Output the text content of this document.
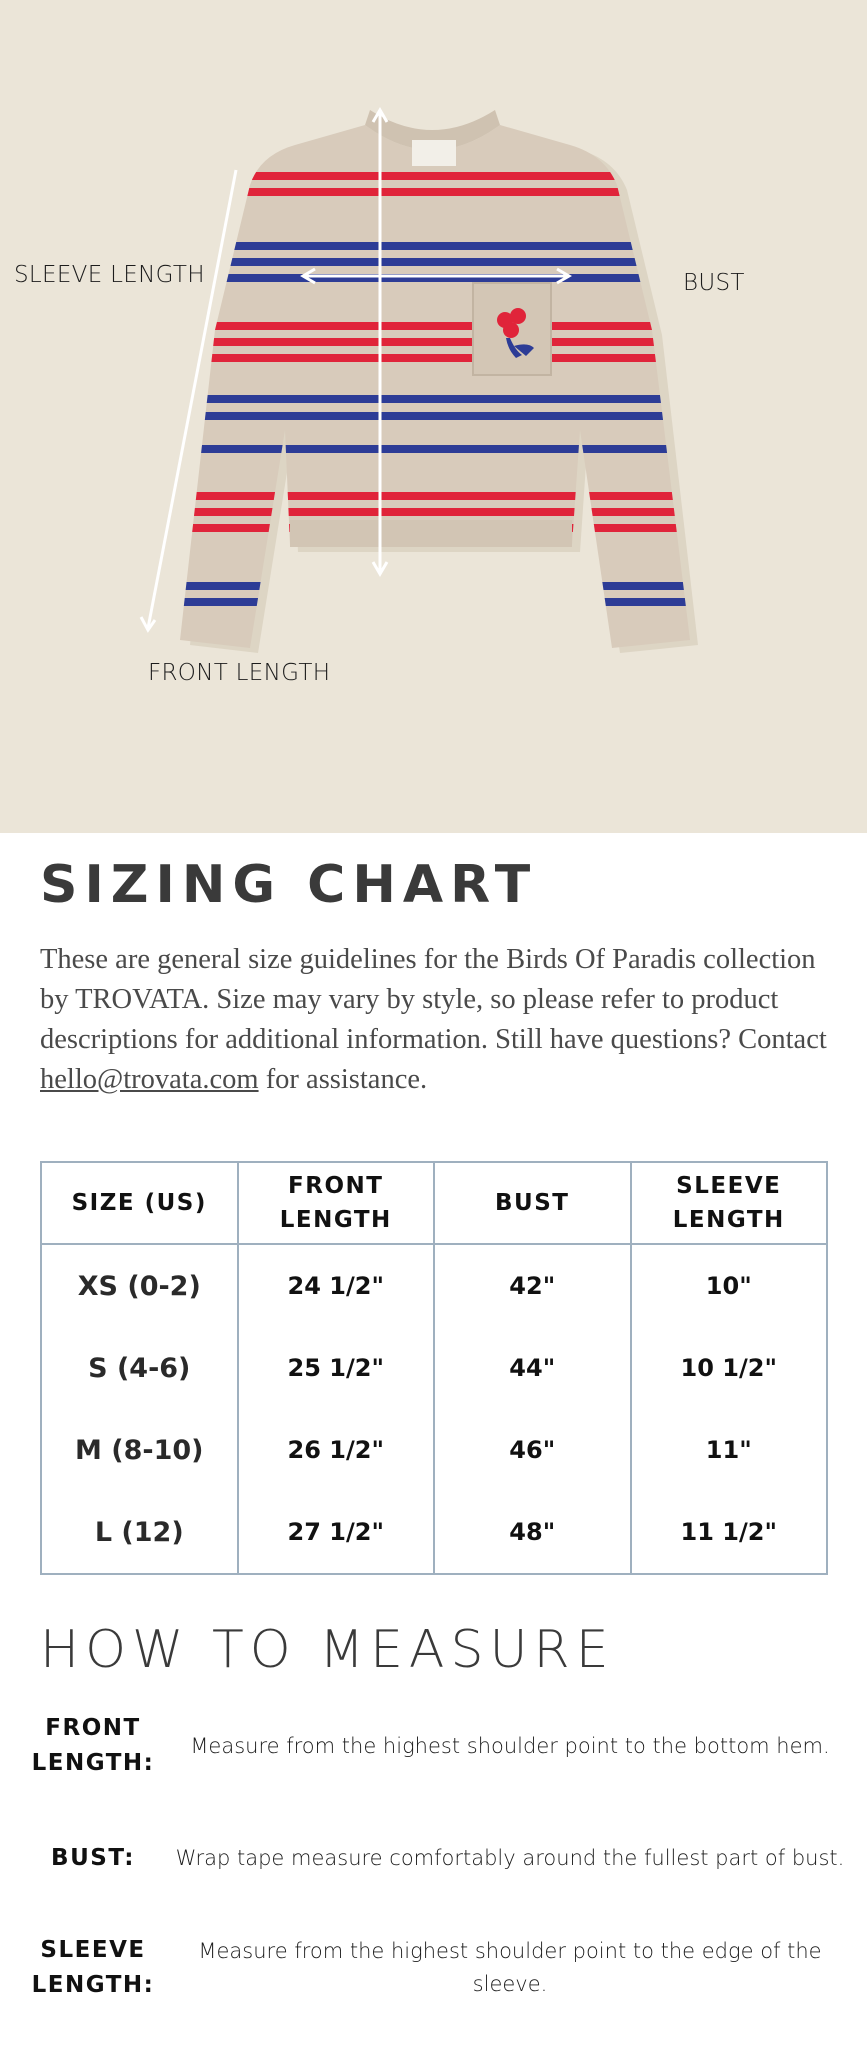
SLEEVE LENGTH	BUST
FRONT LENGTH
SIZING CHART

These are general size guidelines for the Birds Of Paradis collection by TROVATA. Size may vary by style, so please refer to product descriptions for additional information. Still have questions? Contact hello@trovata.com for assistance.

SIZE (US)	FRONT LENGTH	BUST	SLEEVE LENGTH
XS (0-2)	24 1/2"	42"	10"
S (4-6)	25 1/2"	44"	10 1/2"
M (8-10)	26 1/2"	46"	11"
L (12)	27 1/2"	48"	11 1/2"
HOW TO MEASURE
FRONT LENGTH:
Measure from the highest shoulder point to the bottom hem.
BUST:	Wrap tape measure comfortably around the fullest part of bust.
SLEEVE LENGTH:
Measure from the highest shoulder point to the edge of the sleeve.
